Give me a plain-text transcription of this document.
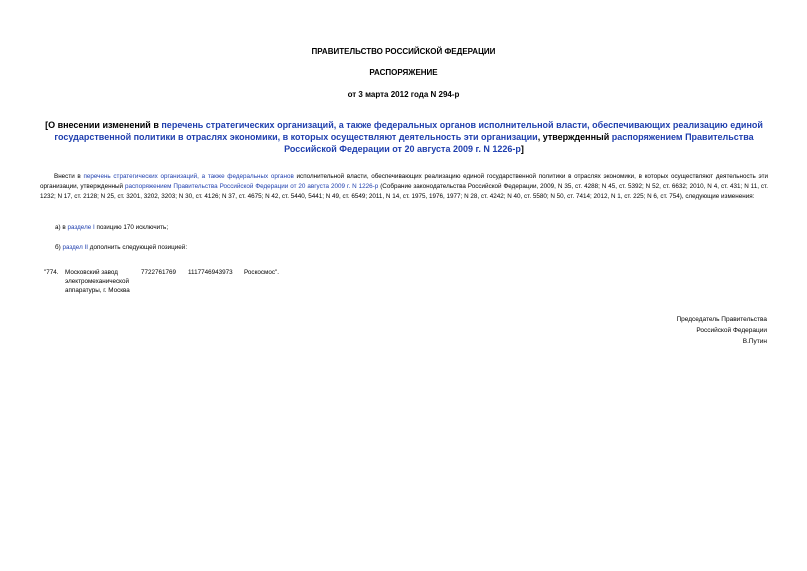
ПРАВИТЕЛЬСТВО РОССИЙСКОЙ ФЕДЕРАЦИИ
РАСПОРЯЖЕНИЕ
от 3 марта 2012 года N 294-р
[О внесении изменений в перечень стратегических организаций, а также федеральных органов исполнительной власти, обеспечивающих реализацию единой государственной политики в отраслях экономики, в которых осуществляют деятельность эти организации, утвержденный распоряжением Правительства Российской Федерации от 20 августа 2009 г. N 1226-р]
Внести в перечень стратегических организаций, а также федеральных органов исполнительной власти, обеспечивающих реализацию единой государственной политики в отраслях экономики, в которых осуществляют деятельность эти организации, утвержденный распоряжением Правительства Российской Федерации от 20 августа 2009 г. N 1226-р (Собрание законодательства Российской Федерации, 2009, N 35, ст. 4288; N 45, ст. 5392; N 52, ст. 6632; 2010, N 4, ст. 431; N 11, ст. 1232; N 17, ст. 2128; N 25, ст. 3201, 3202, 3203; N 30, ст. 4126; N 37, ст. 4675; N 42, ст. 5440, 5441; N 49, ст. 6549; 2011, N 14, ст. 1975, 1976, 1977; N 28, ст. 4242; N 40, ст. 5580; N 50, ст. 7414; 2012, N 1, ст. 225; N 6, ст. 754), следующие изменения:
а) в разделе I позицию 170 исключить;
б) раздел II дополнить следующей позицией:
"774. Московский завод электромеханической аппаратуры, г. Москва
7722761769 1117746943973 Роскосмос".
Председатель Правительства
Российской Федерации
В.Путин
